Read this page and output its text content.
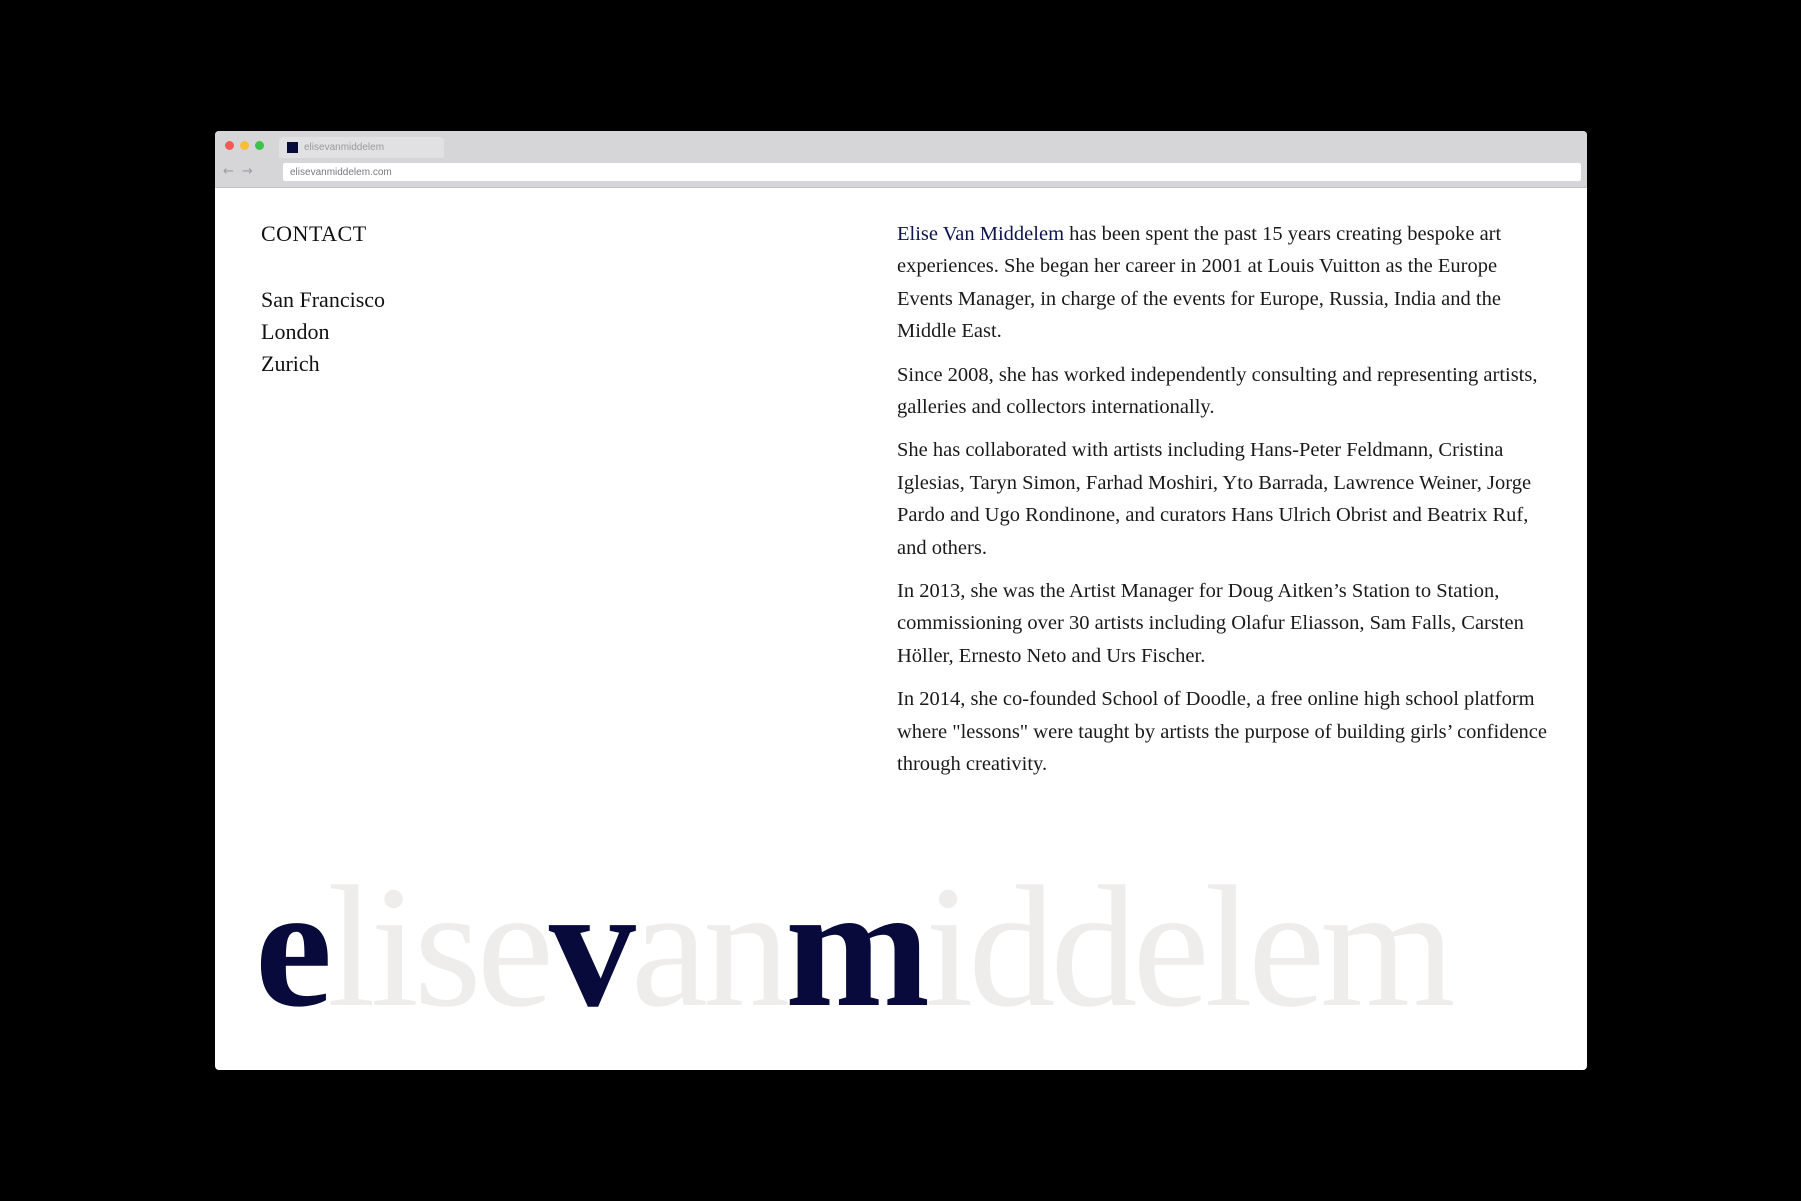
elisevanmiddelem
← →	elisevanmiddelem.com
CONTACT
San Francisco
London
Zurich

Elise Van Middelem has been spent the past 15 years creating bespoke art experiences. She began her career in 2001 at Louis Vuitton as the Europe Events Manager, in charge of the events for Europe, Russia, India and the Middle East.

Since 2008, she has worked independently consulting and representing artists, galleries and collectors internationally.

She has collaborated with artists including Hans-Peter Feldmann, Cristina Iglesias, Taryn Simon, Farhad Moshiri, Yto Barrada, Lawrence Weiner, Jorge Pardo and Ugo Rondinone, and curators Hans Ulrich Obrist and Beatrix Ruf, and others.

In 2013, she was the Artist Manager for Doug Aitken’s Station to Station, commissioning over 30 artists including Olafur Eliasson, Sam Falls, Carsten Höller, Ernesto Neto and Urs Fischer.

In 2014, she co-founded School of Doodle, a free online high school platform where "lessons" were taught by artists the purpose of building girls’ confidence through creativity.

elisevanmiddelem
